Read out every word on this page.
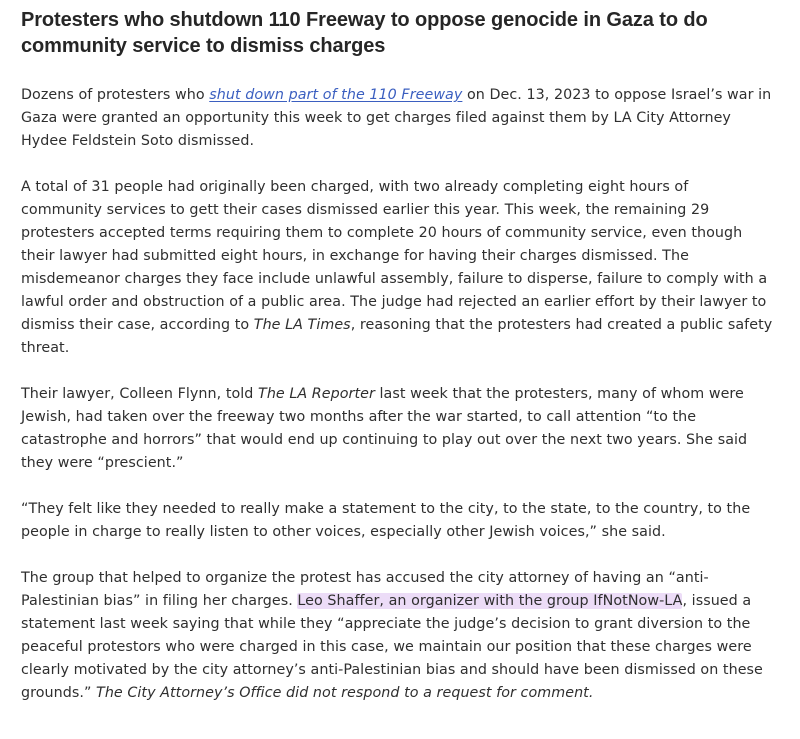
Protesters who shutdown 110 Freeway to oppose genocide in Gaza to do community service to dismiss charges

Dozens of protesters who shut down part of the 110 Freeway on Dec. 13, 2023 to oppose Israel’s war in Gaza were granted an opportunity this week to get charges filed against them by LA City Attorney Hydee Feldstein Soto dismissed.

A total of 31 people had originally been charged, with two already completing eight hours of community services to gett their cases dismissed earlier this year. This week, the remaining 29 protesters accepted terms requiring them to complete 20 hours of community service, even though their lawyer had submitted eight hours, in exchange for having their charges dismissed. The misdemeanor charges they face include unlawful assembly, failure to disperse, failure to comply with a lawful order and obstruction of a public area. The judge had rejected an earlier effort by their lawyer to dismiss their case, according to The LA Times, reasoning that the protesters had created a public safety threat.

Their lawyer, Colleen Flynn, told The LA Reporter last week that the protesters, many of whom were Jewish, had taken over the freeway two months after the war started, to call attention “to the catastrophe and horrors” that would end up continuing to play out over the next two years. She said they were “prescient.”

“They felt like they needed to really make a statement to the city, to the state, to the country, to the people in charge to really listen to other voices, especially other Jewish voices,” she said.

The group that helped to organize the protest has accused the city attorney of having an “anti-Palestinian bias” in filing her charges. Leo Shaffer, an organizer with the group IfNotNow-LA, issued a statement last week saying that while they “appreciate the judge’s decision to grant diversion to the peaceful protestors who were charged in this case, we maintain our position that these charges were clearly motivated by the city attorney’s anti-Palestinian bias and should have been dismissed on these grounds.” The City Attorney’s Office did not respond to a request for comment.
